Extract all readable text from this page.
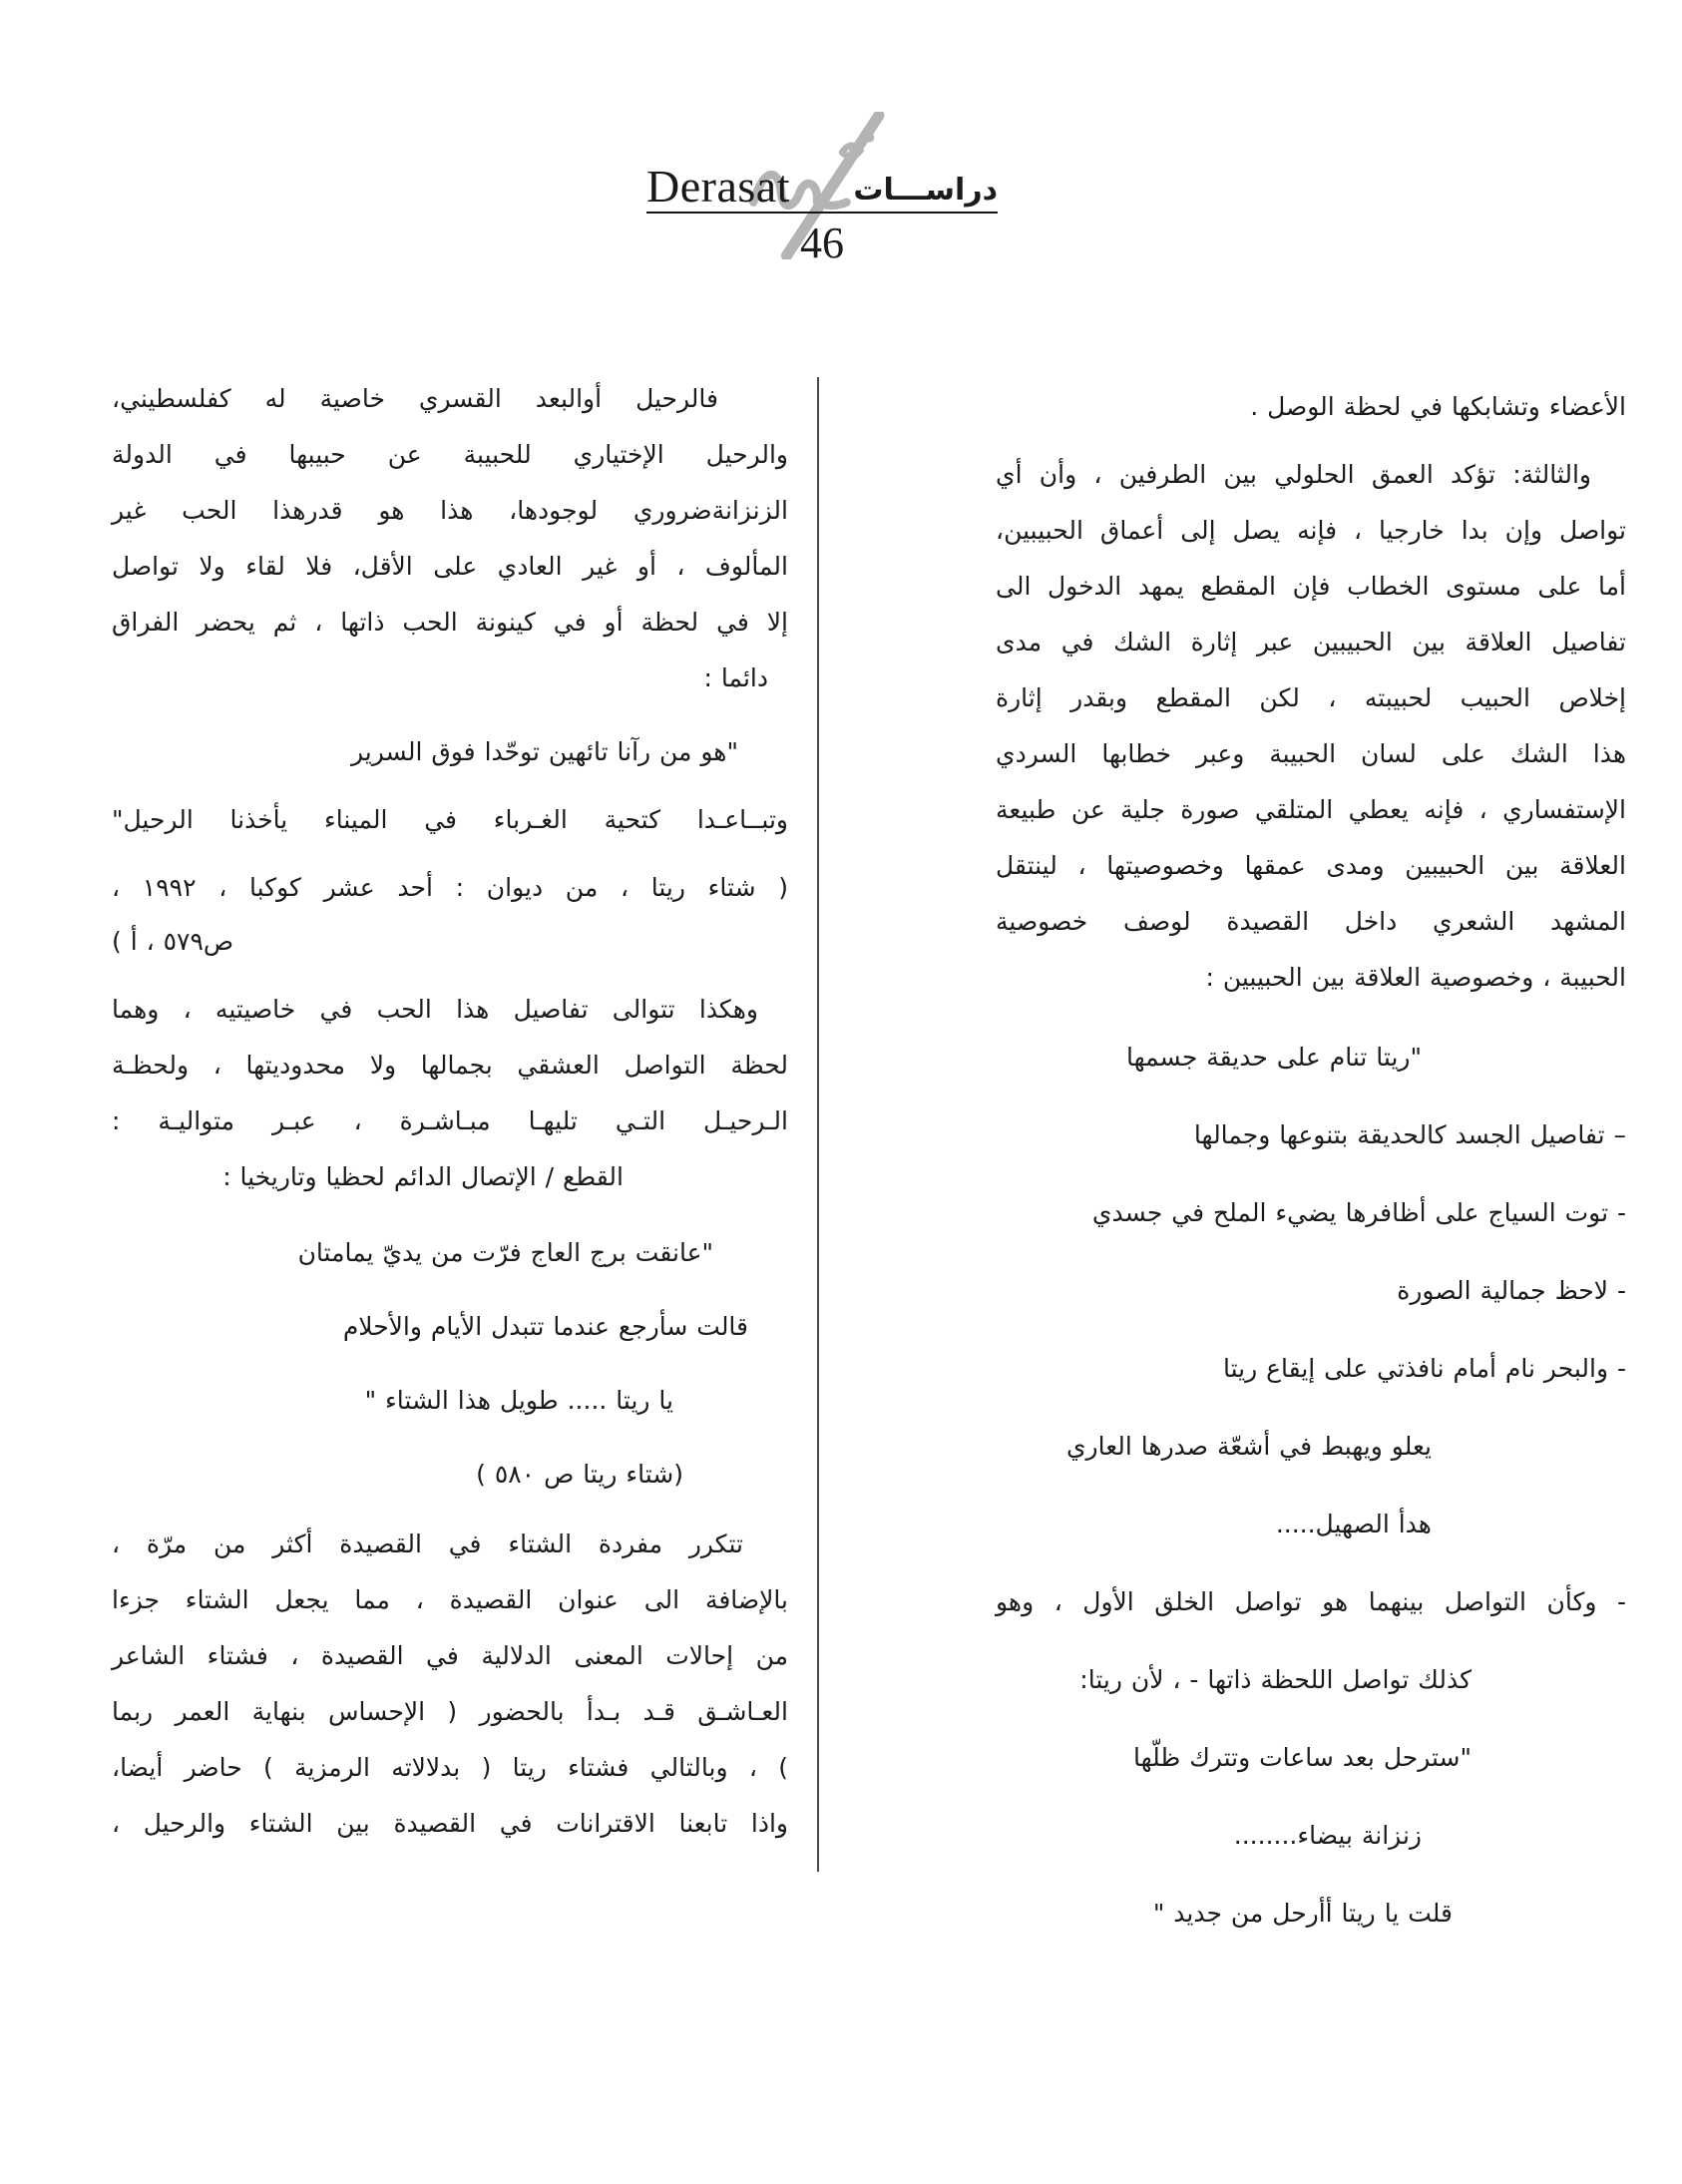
Derasat دراســـات
46
الأعضاء وتشابكها في لحظة الوصل .
والثالثة: تؤكد العمق الحلولي بين الطرفين ، وأن أي
تواصل وإن بدا خارجيا ، فإنه يصل إلى أعماق الحبيبين،
أما على مستوى الخطاب فإن المقطع يمهد الدخول الى
تفاصيل العلاقة بين الحبيبين عبر إثارة الشك في مدى
إخلاص الحبيب لحبيبته ، لكن المقطع وبقدر إثارة
هذا الشك على لسان الحبيبة وعبر خطابها السردي
الإستفساري ، فإنه يعطي المتلقي صورة جلية عن طبيعة
العلاقة بين الحبيبين ومدى عمقها وخصوصيتها ، لينتقل
المشهد الشعري داخل القصيدة لوصف خصوصية
الحبيبة ، وخصوصية العلاقة بين الحبيبين :
"ريتا تنام على حديقة جسمها
– تفاصيل الجسد كالحديقة بتنوعها وجمالها
- توت السياج على أظافرها يضيء الملح في جسدي
- لاحظ جمالية الصورة
- والبحر نام أمام نافذتي على إيقاع ريتا
يعلو ويهبط في أشعّة صدرها العاري
هدأ الصهيل.....
- وكأن التواصل بينهما هو تواصل الخلق الأول ، وهو
كذلك تواصل اللحظة ذاتها - ، لأن ريتا:
"سترحل بعد ساعات وتترك ظلّها
زنزانة بيضاء........
قلت يا ريتا أأرحل من جديد "
فالرحيل أوالبعد القسري خاصية له كفلسطيني،
والرحيل الإختياري للحبيبة عن حبيبها في الدولة
الزنزانةضروري لوجودها، هذا هو قدرهذا الحب غير
المألوف ، أو غير العادي على الأقل، فلا لقاء ولا تواصل
إلا في لحظة أو في كينونة الحب ذاتها ، ثم يحضر الفراق
دائما :
"هو من رآنا تائهين توحّدا فوق السرير
وتبــاعـدا كتحية الغـرباء في الميناء يأخذنا الرحيل"
( شتاء ريتا ، من ديوان : أحد عشر كوكبا ، ١٩٩٢ ،
ص٥٧٩ ، أ )
وهكذا تتوالى تفاصيل هذا الحب في خاصيتيه ، وهما
لحظة التواصل العشقي بجمالها ولا محدوديتها ، ولحظـة
الـرحيـل التـي تليهـا مبـاشـرة ، عبـر متواليـة :
القطع / الإتصال الدائم لحظيا وتاريخيا :
"عانقت برج العاج فرّت من يديّ يمامتان
قالت سأرجع عندما تتبدل الأيام والأحلام
يا ريتا ..... طويل هذا الشتاء "
(شتاء ريتا ص ٥٨٠ )
تتكرر مفردة الشتاء في القصيدة أكثر من مرّة ،
بالإضافة الى عنوان القصيدة ، مما يجعل الشتاء جزءا
من إحالات المعنى الدلالية في القصيدة ، فشتاء الشاعر
العـاشـق قـد بـدأ بالحضور ( الإحساس بنهاية العمر ربما
) ، وبالتالي فشتاء ريتا ( بدلالاته الرمزية ) حاضر أيضا،
واذا تابعنا الاقترانات في القصيدة بين الشتاء والرحيل ،
